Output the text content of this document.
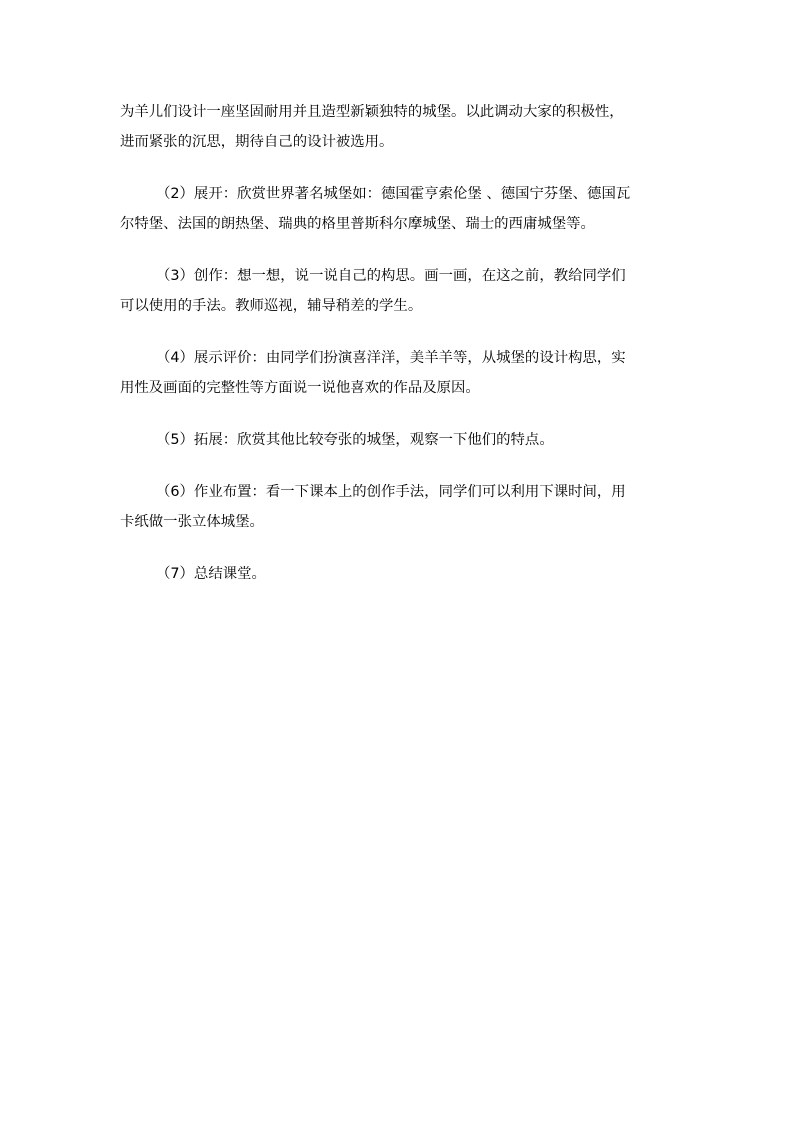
为羊儿们设计一座坚固耐用并且造型新颖独特的城堡。以此调动大家的积极性，
进而紧张的沉思，期待自己的设计被选用。

（2）展开：欣赏世界著名城堡如：德国霍亨索伦堡 、德国宁芬堡、德国瓦
尔特堡、法国的朗热堡、瑞典的格里普斯科尔摩城堡、瑞士的西庸城堡等。

（3）创作：想一想，说一说自己的构思。画一画，在这之前，教给同学们
可以使用的手法。教师巡视，辅导稍差的学生。

（4）展示评价：由同学们扮演喜洋洋，美羊羊等，从城堡的设计构思，实
用性及画面的完整性等方面说一说他喜欢的作品及原因。

（5）拓展：欣赏其他比较夸张的城堡，观察一下他们的特点。

（6）作业布置：看一下课本上的创作手法，同学们可以利用下课时间，用
卡纸做一张立体城堡。

（7）总结课堂。
